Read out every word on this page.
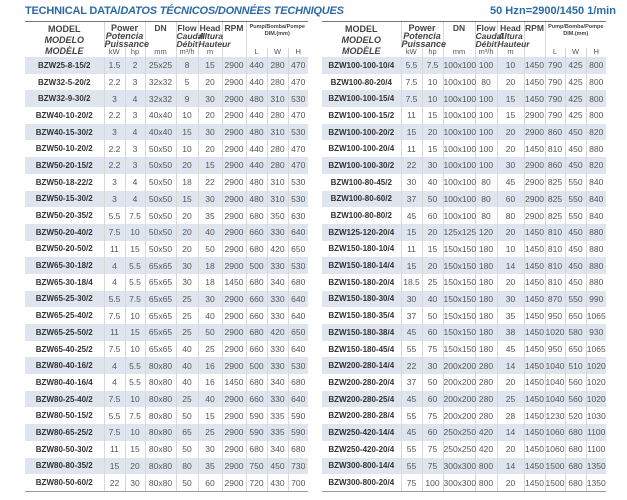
TECHNICAL DATA/DATOS TÉCNICOS/DONNÉES TECHNIQUES	50 Hz n=2900/1450 1/min
MODEL
MODELO
MODÈLE	Power
Potencia
Puissance		DN	Flow
Caudal
Débit	Head
Altura
Hauteur	RPM	Pump/Bomba/Pompe DIM.(mm)		
	kW	hp	mm	m³/h	m		L	W	H
BZW25-8-15/2	1.5	2	25x25	8	15	2900	440	280	470
BZW32-5-20/2	2.2	3	32x32	5	20	2900	440	280	470
BZW32-9-30/2	3	4	32x32	9	30	2900	480	310	530
BZW40-10-20/2	2.2	3	40x40	10	20	2900	440	280	470
BZW40-15-30/2	3	4	40x40	15	30	2900	480	310	530
BZW50-10-20/2	2.2	3	50x50	10	20	2900	440	280	470
BZW50-20-15/2	2.2	3	50x50	20	15	2900	440	280	470
BZW50-18-22/2	3	4	50x50	18	22	2900	480	310	530
BZW50-15-30/2	3	4	50x50	15	30	2900	480	310	530
BZW50-20-35/2	5.5	7.5	50x50	20	35	2900	680	350	630
BZW50-20-40/2	7.5	10	50x50	20	40	2900	660	330	640
BZW50-20-50/2	11	15	50x50	20	50	2900	680	420	650
BZW65-30-18/2	4	5.5	65x65	30	18	2900	500	330	530
BZW65-30-18/4	4	5.5	65x65	30	18	1450	680	340	680
BZW65-25-30/2	5.5	7.5	65x65	25	30	2900	660	330	640
BZW65-25-40/2	7.5	10	65x65	25	40	2900	660	330	640
BZW65-25-50/2	11	15	65x65	25	50	2900	680	420	650
BZW65-40-25/2	7.5	10	65x65	40	25	2900	660	330	640
BZW80-40-16/2	4	5.5	80x80	40	16	2900	500	330	530
BZW80-40-16/4	4	5.5	80x80	40	16	1450	680	340	680
BZW80-25-40/2	7.5	10	80x80	25	40	2900	660	330	640
BZW80-50-15/2	5.5	7.5	80x80	50	15	2900	590	335	590
BZW80-65-25/2	7.5	10	80x80	65	25	2900	590	335	590
BZW80-50-30/2	11	15	80x80	50	30	2900	680	340	680
BZW80-80-35/2	15	20	80x80	80	35	2900	750	450	730
BZW80-50-60/2	22	30	80x80	50	60	2900	720	430	700
MODEL
MODELO
MODÈLE	Power
Potencia
Puissance		DN	Flow
Caudal
Débit	Head
Altura
Hauteur	RPM	Pump/Bomba/Pompe DIM.(mm)		
	kW	hp	mm	m³/h	m		L	W	H
BZW100-100-10/4	5.5	7.5	100x100	100	10	1450	790	425	800
BZW100-80-20/4	7.5	10	100x100	80	20	1450	790	425	800
BZW100-100-15/4	7.5	10	100x100	100	15	1450	790	425	800
BZW100-100-15/2	11	15	100x100	100	15	2900	790	425	800
BZW100-100-20/2	15	20	100x100	100	20	2900	860	450	820
BZW100-100-20/4	11	15	100x100	100	20	1450	810	450	880
BZW100-100-30/2	22	30	100x100	100	30	2900	860	450	820
BZW100-80-45/2	30	40	100x100	80	45	2900	825	550	840
BZW100-80-60/2	37	50	100x100	80	60	2900	825	550	840
BZW100-80-80/2	45	60	100x100	80	80	2900	825	550	840
BZW125-120-20/4	15	20	125x125	120	20	1450	810	450	880
BZW150-180-10/4	11	15	150x150	180	10	1450	810	450	880
BZW150-180-14/4	15	20	150x150	180	14	1450	810	450	880
BZW150-180-20/4	18.5	25	150x150	180	20	1450	810	450	880
BZW150-180-30/4	30	40	150x150	180	30	1450	870	550	990
BZW150-180-35/4	37	50	150x150	180	35	1450	950	650	1065
BZW150-180-38/4	45	60	150x150	180	38	1450	1020	580	930
BZW150-180-45/4	55	75	150x150	180	45	1450	950	650	1065
BZW200-280-14/4	22	30	200x200	280	14	1450	1040	510	1020
BZW200-280-20/4	37	50	200x200	280	20	1450	1040	560	1020
BZW200-280-25/4	45	60	200x200	280	25	1450	1040	560	1020
BZW200-280-28/4	55	75	200x200	280	28	1450	1230	520	1030
BZW250-420-14/4	45	60	250x250	420	14	1450	1060	680	1100
BZW250-420-20/4	55	75	250x250	420	20	1450	1060	680	1100
BZW300-800-14/4	55	75	300x300	800	14	1450	1500	680	1350
BZW300-800-20/4	75	100	300x300	800	20	1450	1500	680	1350
